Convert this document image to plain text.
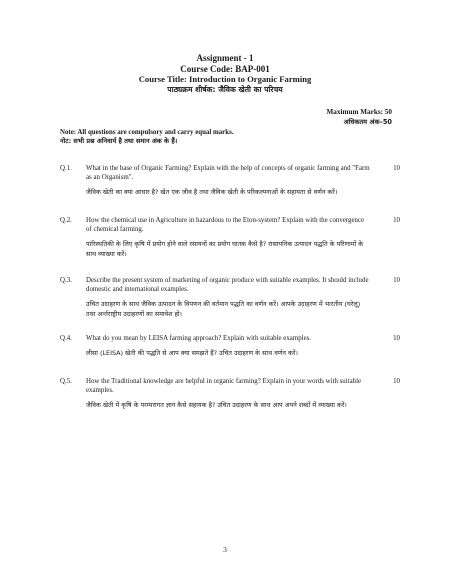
Assignment - 1
Course Code: BAP-001
Course Title: Introduction to Organic Farming
पाठ्यक्रम शीर्षक: जैविक खेती का परिचय
Maximum Marks: 50
अधिकतम अंक–50
Note: All questions are compulsory and carry equal marks.
नोट: सभी प्रश्न अनिवार्य है तथा समान अंक के हैं।
Q.1. What in the base of Organic Farming? Explain with the help of concepts of organic farming and "Farm as an Organism".
जैविक खेती का क्या आधार है? खेत एक जीव है तथा जैविक खेती के परिकल्पनाओं के सहायता से वर्णन करें।
10
Q.2. How the chemical use in Agriculture in hazardous to the Eton-system? Explain with the convergence of chemical farming.
पारिस्थतिकी के लिए कृषि में प्रयोग होने वाले रसायनों का प्रयोग घातक कैसे है? रासायनिक उत्पादन पद्धति के परिणामों के साथ व्याख्या करें।
10
Q.3. Describe the present system of marketing of organic produce with suitable examples. It should include domestic and international examples.
उचित उदाहरण के साथ जैविक उत्पादन के विपणन की वर्तमान पद्धति का वर्णन करें। आपके उदाहरण में भारतीय (घरेलू) तथा अर्न्तराष्ट्रीय उदाहरणों का समावेश हो।
10
Q.4. What do you mean by LEISA farming approach? Explain with suitable examples.
लीसा (LEISA) खेती की पद्धति से आप क्या समझते हैं? उचित उदाहरण के साथ वर्णन करें।
10
Q.5. How the Traditional knowledge are helpful in organic farming? Explain in your words with suitable examples.
जैविक खेती में कृषि के परम्परागत ज्ञान कैसे सहायक है? उचित उदाहरण के साथ आप अपने शब्दों में व्याख्या करें।
10
3
